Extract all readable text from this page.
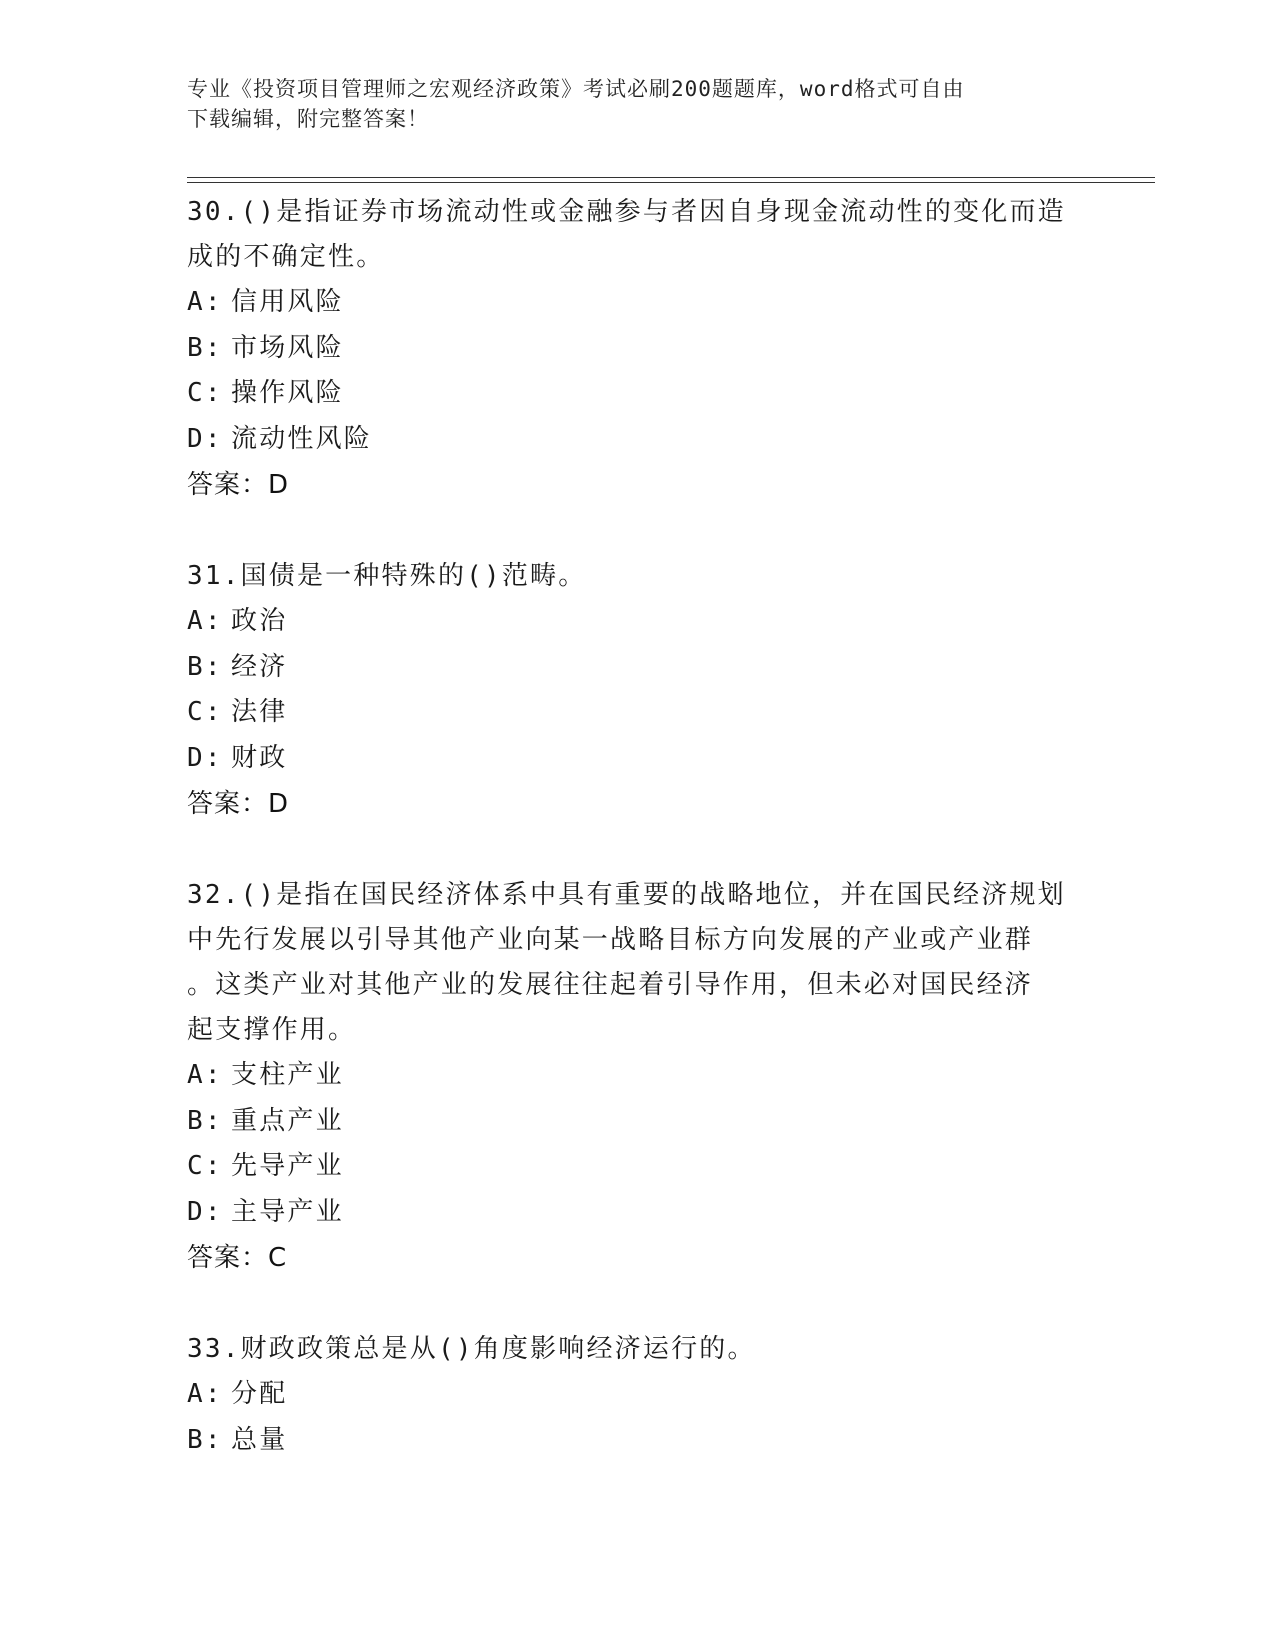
专业《投资项目管理师之宏观经济政策》考试必刷200题题库，word格式可自由
下载编辑，附完整答案！
30.()是指证券市场流动性或金融参与者因自身现金流动性的变化而造
成的不确定性。
A: 信用风险
B: 市场风险
C: 操作风险
D: 流动性风险
答案：D
31.国债是一种特殊的()范畴。
A: 政治
B: 经济
C: 法律
D: 财政
答案：D
32.()是指在国民经济体系中具有重要的战略地位，并在国民经济规划
中先行发展以引导其他产业向某一战略目标方向发展的产业或产业群
。这类产业对其他产业的发展往往起着引导作用，但未必对国民经济
起支撑作用。
A: 支柱产业
B: 重点产业
C: 先导产业
D: 主导产业
答案：C
33.财政政策总是从()角度影响经济运行的。
A: 分配
B: 总量
